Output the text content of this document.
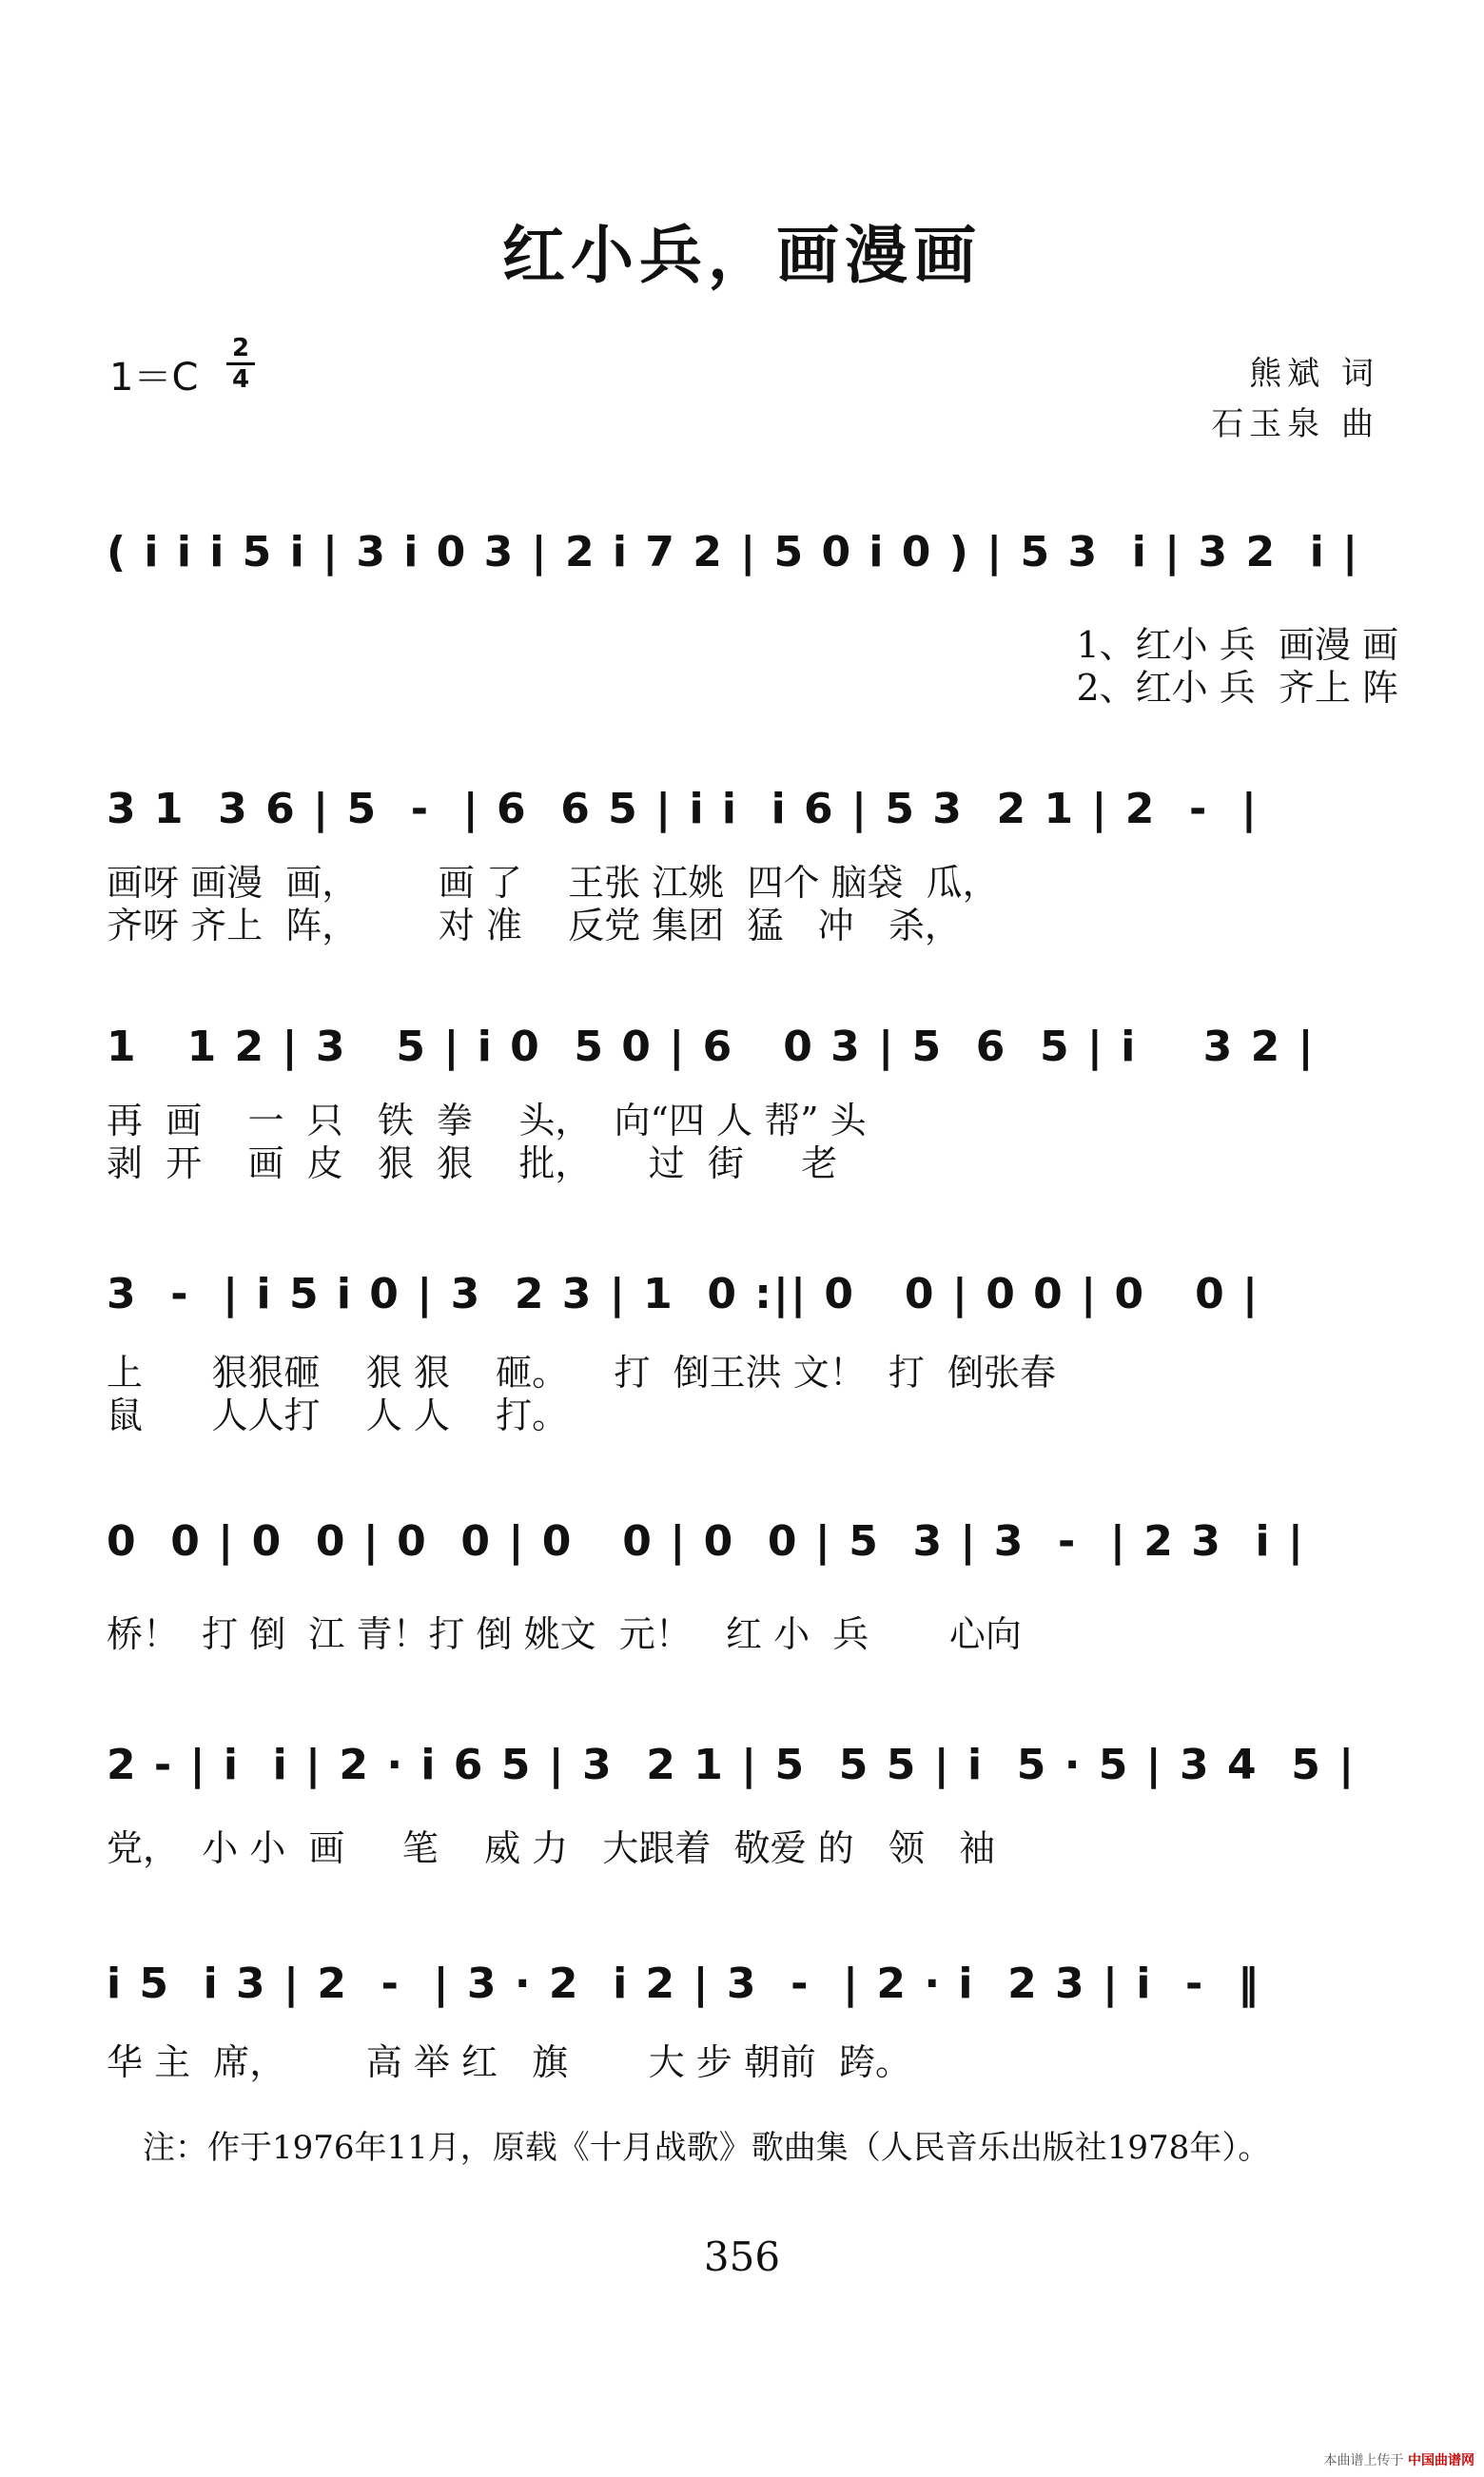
红小兵，画漫画
1＝C
2
4	熊斌 词
石玉泉 曲
( i i i 5 i | 3 i 0 3 | 2 i 7 2 | 5 0 i 0 ) | 5 3  i | 3 2  i |
1、红小 兵  画漫 画
2、红小 兵  齐上 阵
3 1  3 6 | 5  -  | 6  6 5 | i i  i 6 | 5 3  2 1 | 2  -  |
画呀 画漫  画，       画 了    王张 江姚  四个 脑袋  瓜，
齐呀 齐上  阵，       对 准    反党 集团  猛   冲   杀，
1   1 2 | 3   5 | i 0  5 0 | 6   0 3 | 5  6  5 | i    3 2 |
再  画    一  只   铁  拳    头，  向“四 人 帮” 头
剥  开    画  皮   狠  狠    批，     过  街     老
3  -  | i 5 i 0 | 3  2 3 | 1  0 :|| 0   0 | 0 0 | 0   0 |
上      狠狠砸    狠 狠    砸。    打  倒王洪 文！  打  倒张春
鼠      人人打    人 人    打。
0  0 | 0  0 | 0  0 | 0   0 | 0  0 | 5  3 | 3  -  | 2 3  i |
桥！  打 倒  江 青！打 倒 姚文  元！   红 小  兵       心向
2 - | i  i | 2 · i 6 5 | 3  2 1 | 5  5 5 | i  5 · 5 | 3 4  5 |
党，  小 小  画     笔    威 力   大跟着  敬爱 的   领   袖
i 5  i 3 | 2  -  | 3 · 2  i 2 | 3  -  | 2 · i  2 3 | i  -  ‖
华 主  席，       高 举 红   旗       大 步 朝前  跨。
注：作于1976年11月，原载《十月战歌》歌曲集（人民音乐出版社1978年）。
356
本曲谱上传于 中国曲谱网
